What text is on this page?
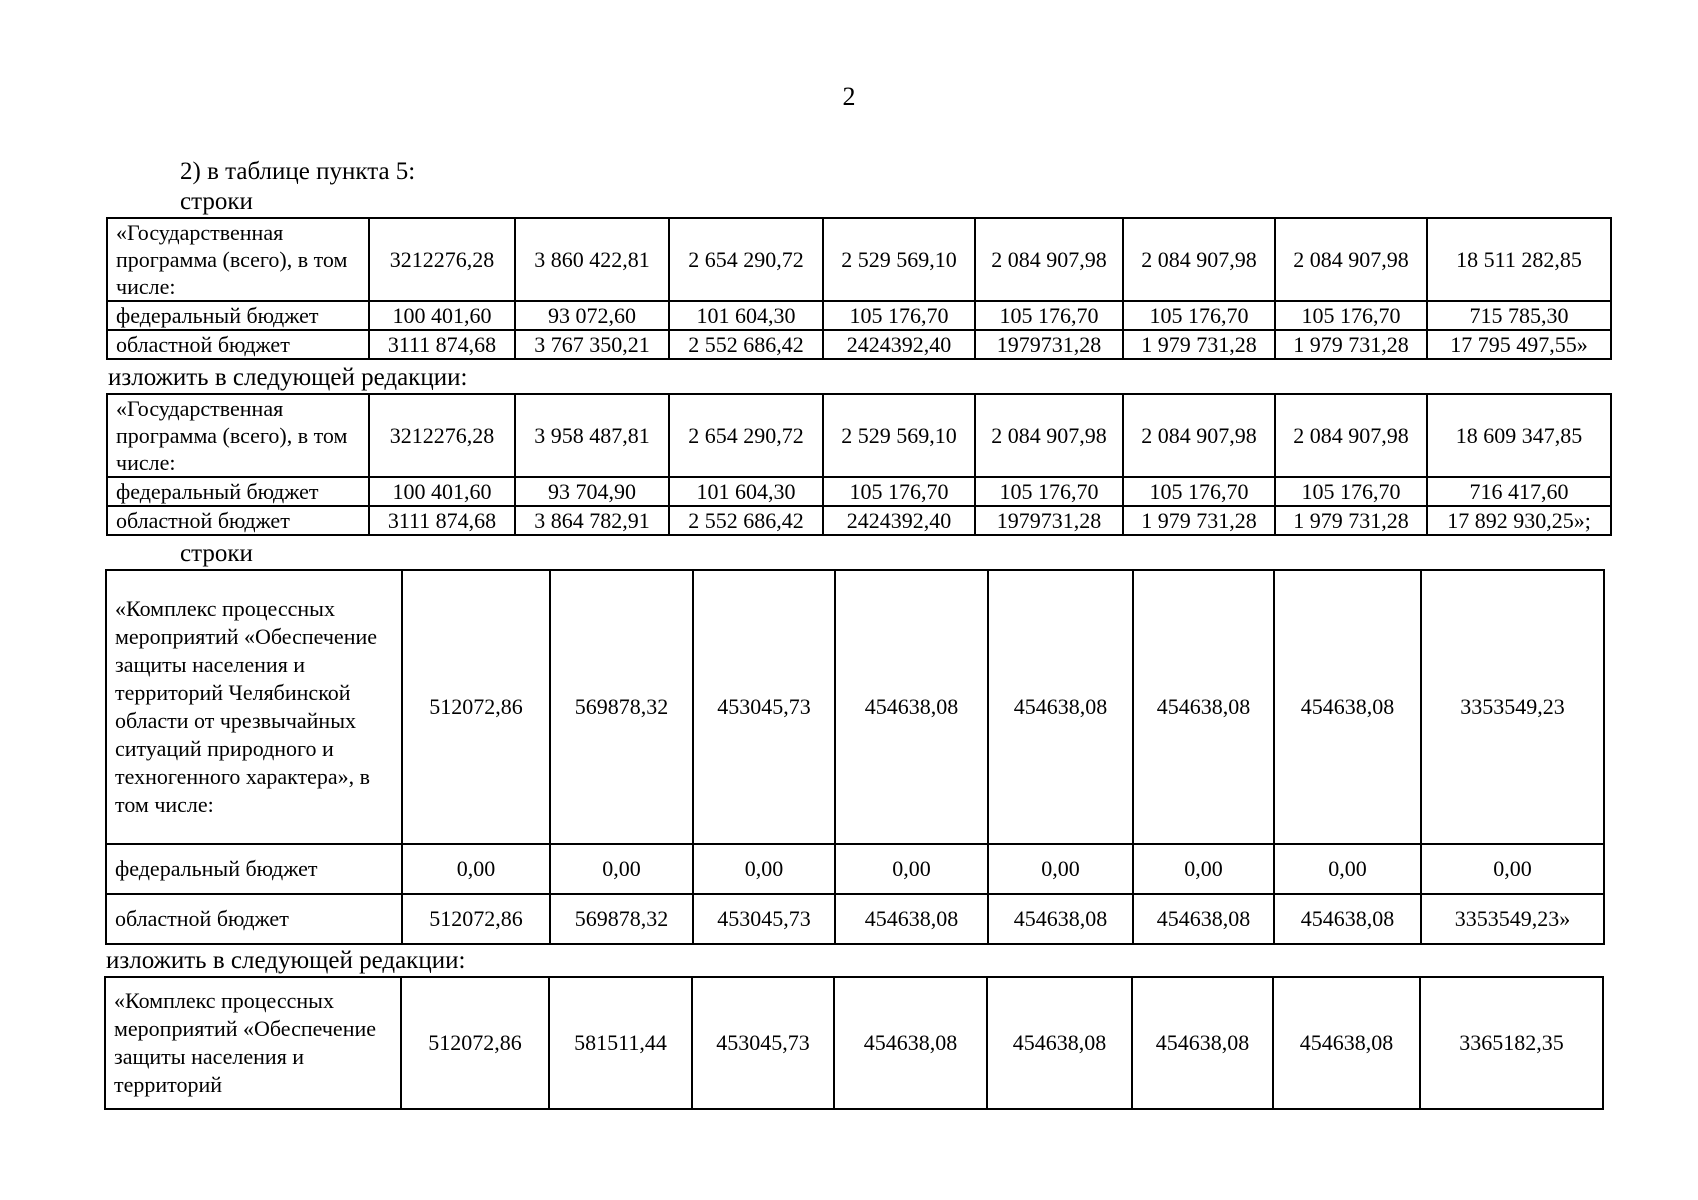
2
2) в таблице пункта 5:
строки
«Государственная программа (всего), в том числе:	3212276,28	3 860 422,81	2 654 290,72	2 529 569,10	2 084 907,98	2 084 907,98	2 084 907,98	18 511 282,85
федеральный бюджет	100 401,60	93 072,60	101 604,30	105 176,70	105 176,70	105 176,70	105 176,70	715 785,30
областной бюджет	3111 874,68	3 767 350,21	2 552 686,42	2424392,40	1979731,28	1 979 731,28	1 979 731,28	17 795 497,55»
изложить в следующей редакции:
«Государственная программа (всего), в том числе:	3212276,28	3 958 487,81	2 654 290,72	2 529 569,10	2 084 907,98	2 084 907,98	2 084 907,98	18 609 347,85
федеральный бюджет	100 401,60	93 704,90	101 604,30	105 176,70	105 176,70	105 176,70	105 176,70	716 417,60
областной бюджет	3111 874,68	3 864 782,91	2 552 686,42	2424392,40	1979731,28	1 979 731,28	1 979 731,28	17 892 930,25»;
строки
«Комплекс процессных мероприятий «Обеспечение защиты населения и территорий Челябинской области от чрезвычайных ситуаций природного и техногенного характера», в том числе:	512072,86	569878,32	453045,73	454638,08	454638,08	454638,08	454638,08	3353549,23
федеральный бюджет	0,00	0,00	0,00	0,00	0,00	0,00	0,00	0,00
областной бюджет	512072,86	569878,32	453045,73	454638,08	454638,08	454638,08	454638,08	3353549,23»
изложить в следующей редакции:
«Комплекс процессных мероприятий «Обеспечение защиты населения и территорий	512072,86	581511,44	453045,73	454638,08	454638,08	454638,08	454638,08	3365182,35
